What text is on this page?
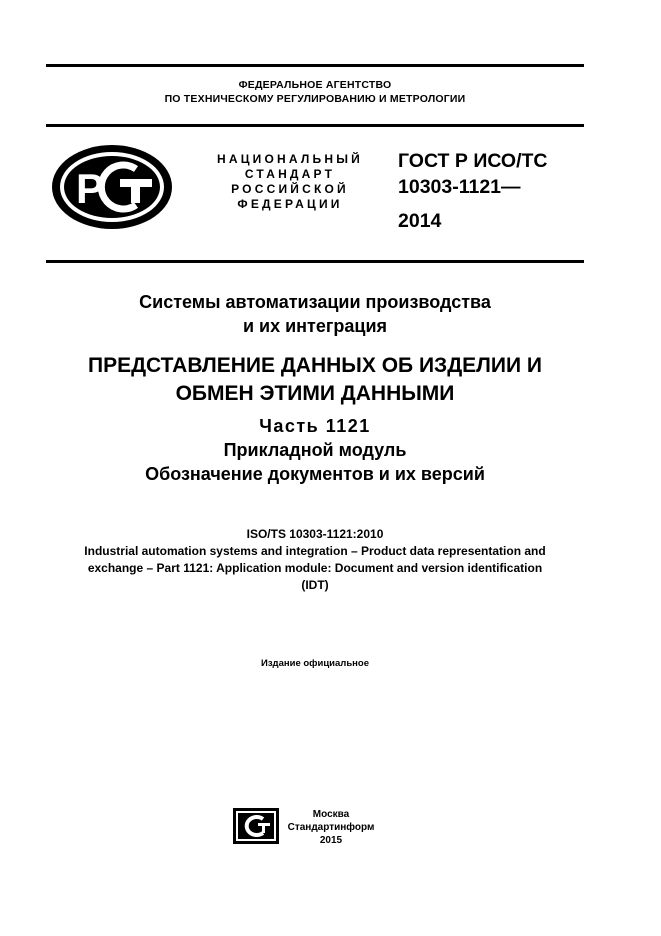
ФЕДЕРАЛЬНОЕ АГЕНТСТВО
ПО ТЕХНИЧЕСКОМУ РЕГУЛИРОВАНИЮ И МЕТРОЛОГИИ
Р
НАЦИОНАЛЬНЫЙ
СТАНДАРТ
РОССИЙСКОЙ
ФЕДЕРАЦИИ
ГОСТ Р ИСО/ТС
10303-1121—
2014
Системы автоматизации производства
и их интеграция
ПРЕДСТАВЛЕНИЕ ДАННЫХ ОБ ИЗДЕЛИИ И
ОБМЕН ЭТИМИ ДАННЫМИ
Часть 1121
Прикладной модуль
Обозначение документов и их версий
ISO/TS 10303-1121:2010
Industrial automation systems and integration – Product data representation and
exchange – Part 1121: Application module: Document and version identification
(IDT)
Издание официальное
Москва
Стандартинформ
2015
